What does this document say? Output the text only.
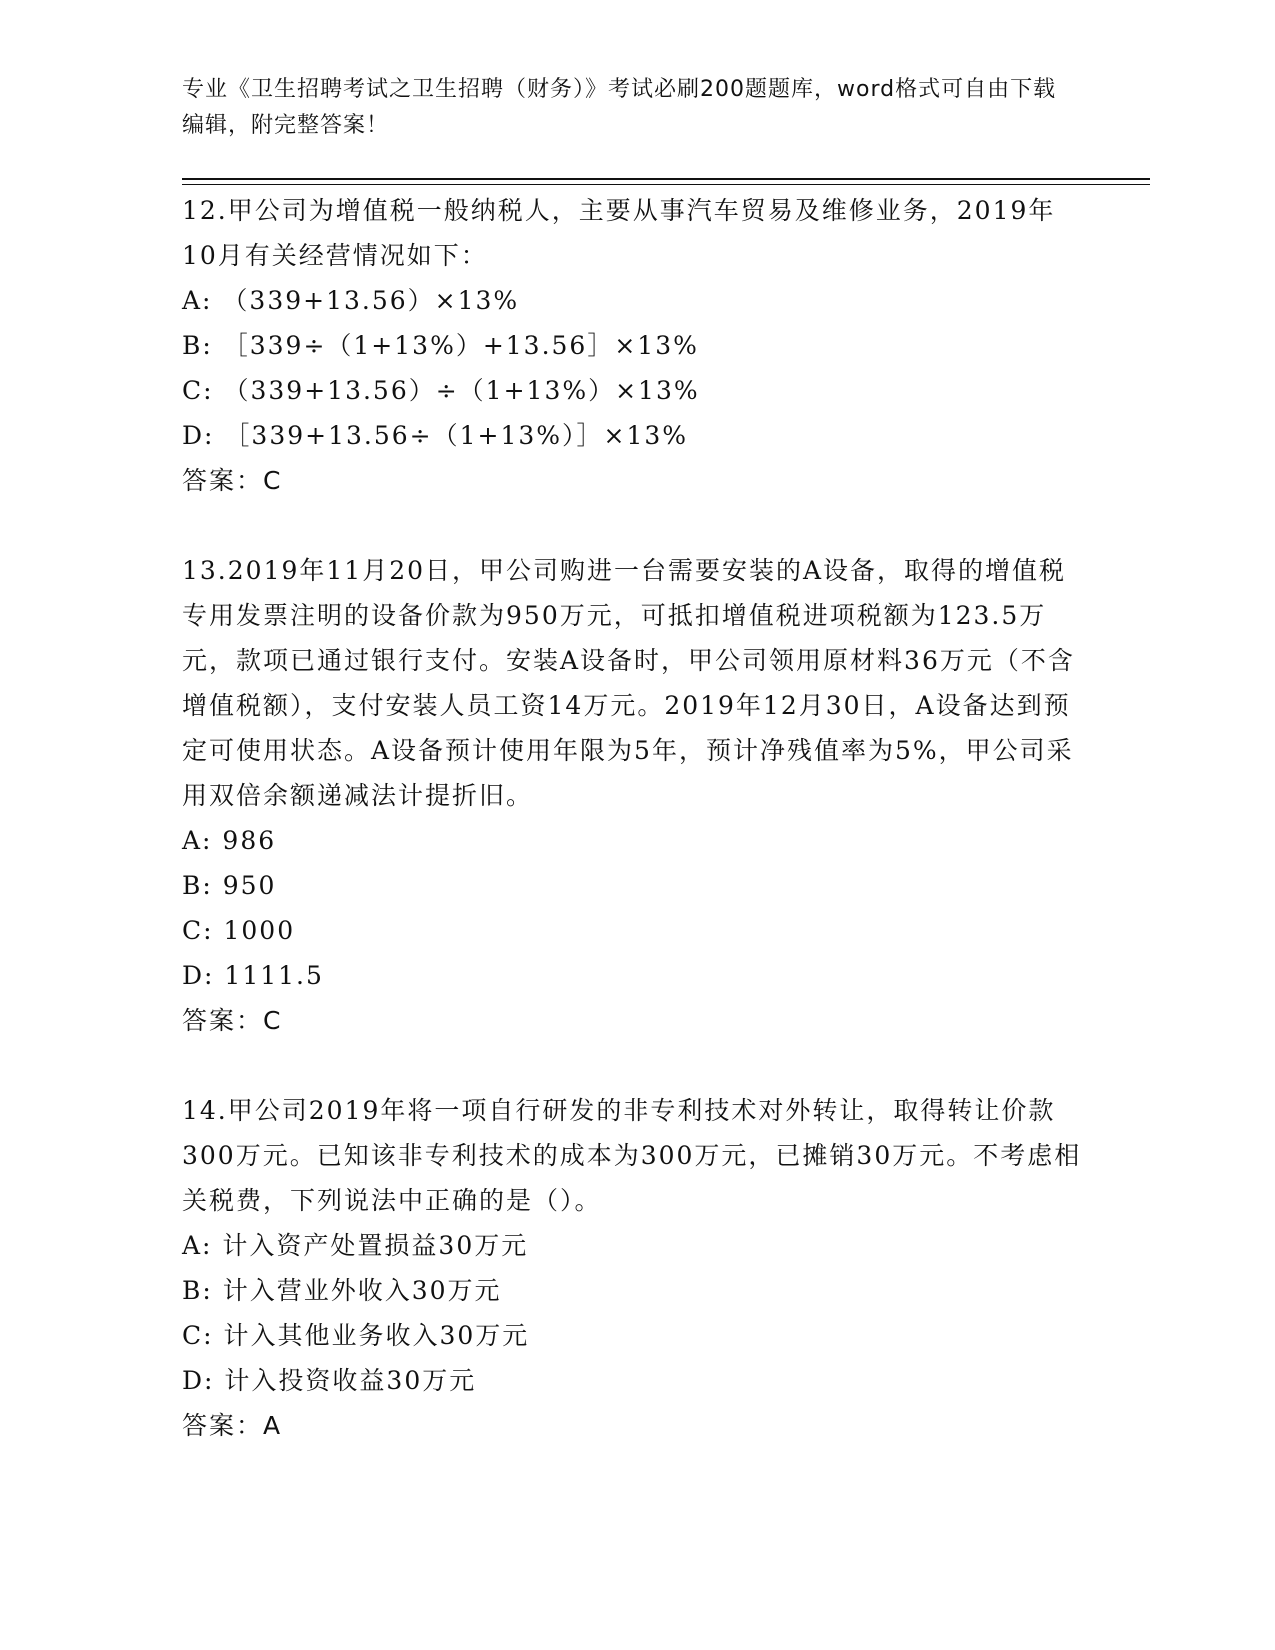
专业《卫生招聘考试之卫生招聘（财务）》考试必刷200题题库，word格式可自由下载编辑，附完整答案！

12.甲公司为增值税一般纳税人，主要从事汽车贸易及维修业务，2019年10月有关经营情况如下：

A: （339+13.56）×13%

B: ［339÷（1+13%）+13.56］×13%

C: （339+13.56）÷（1+13%）×13%

D: ［339+13.56÷（1+13%）］×13%

答案：C

13.2019年11月20日，甲公司购进一台需要安装的A设备，取得的增值税专用发票注明的设备价款为950万元，可抵扣增值税进项税额为123.5万元，款项已通过银行支付。安装A设备时，甲公司领用原材料36万元（不含增值税额），支付安装人员工资14万元。2019年12月30日，A设备达到预定可使用状态。A设备预计使用年限为5年，预计净残值率为5%，甲公司采用双倍余额递减法计提折旧。

A: 986

B: 950

C: 1000

D: 1111.5

答案：C

14.甲公司2019年将一项自行研发的非专利技术对外转让，取得转让价款300万元。已知该非专利技术的成本为300万元，已摊销30万元。不考虑相关税费，下列说法中正确的是（）。

A: 计入资产处置损益30万元

B: 计入营业外收入30万元

C: 计入其他业务收入30万元

D: 计入投资收益30万元

答案：A
